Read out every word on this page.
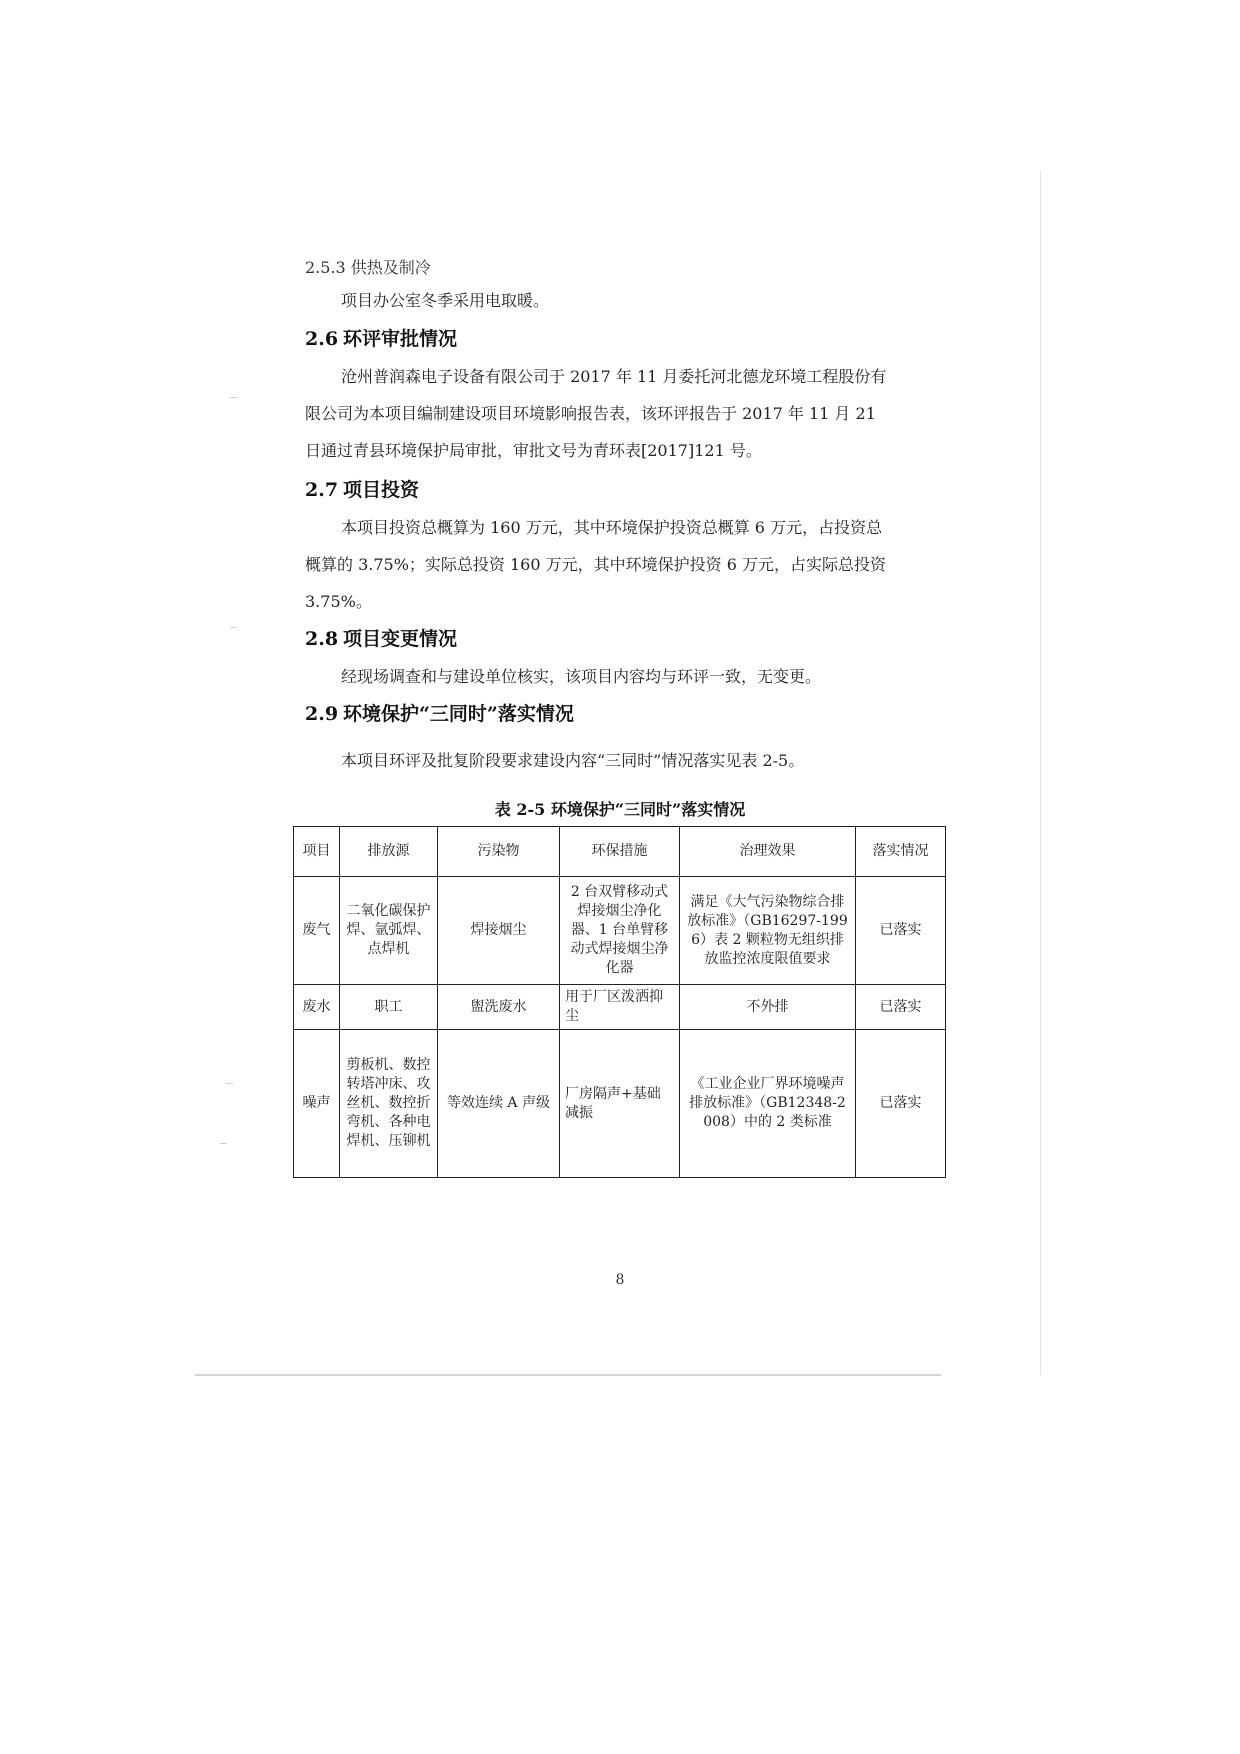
2.5.3 供热及制冷

项目办公室冬季采用电取暖。

2.6 环评审批情况

沧州普润森电子设备有限公司于 2017 年 11 月委托河北德龙环境工程股份有

限公司为本项目编制建设项目环境影响报告表，该环评报告于 2017 年 11 月 21

日通过青县环境保护局审批，审批文号为青环表[2017]121 号。

2.7 项目投资

本项目投资总概算为 160 万元，其中环境保护投资总概算 6 万元，占投资总

概算的 3.75%；实际总投资 160 万元，其中环境保护投资 6 万元，占实际总投资

3.75%。

2.8 项目变更情况

经现场调查和与建设单位核实，该项目内容均与环评一致，无变更。

2.9 环境保护“三同时”落实情况

本项目环评及批复阶段要求建设内容“三同时”情况落实见表 2-5。

表 2-5 环境保护“三同时”落实情况

项目	排放源	污染物	环保措施	治理效果	落实情况
废气	二氧化碳保护焊、氩弧焊、点焊机	焊接烟尘	2 台双臂移动式焊接烟尘净化器、1 台单臂移动式焊接烟尘净化器	满足《大气污染物综合排放标准》（GB16297-1996）表 2 颗粒物无组织排放监控浓度限值要求	已落实
废水	职工	盥洗废水	用于厂区泼洒抑尘	不外排	已落实
噪声	剪板机、数控转塔冲床、攻丝机、数控折弯机、各种电焊机、压铆机	等效连续 A 声级	厂房隔声+基础减振	《工业企业厂界环境噪声排放标准》（GB12348-2008）中的 2 类标准	已落实

8
